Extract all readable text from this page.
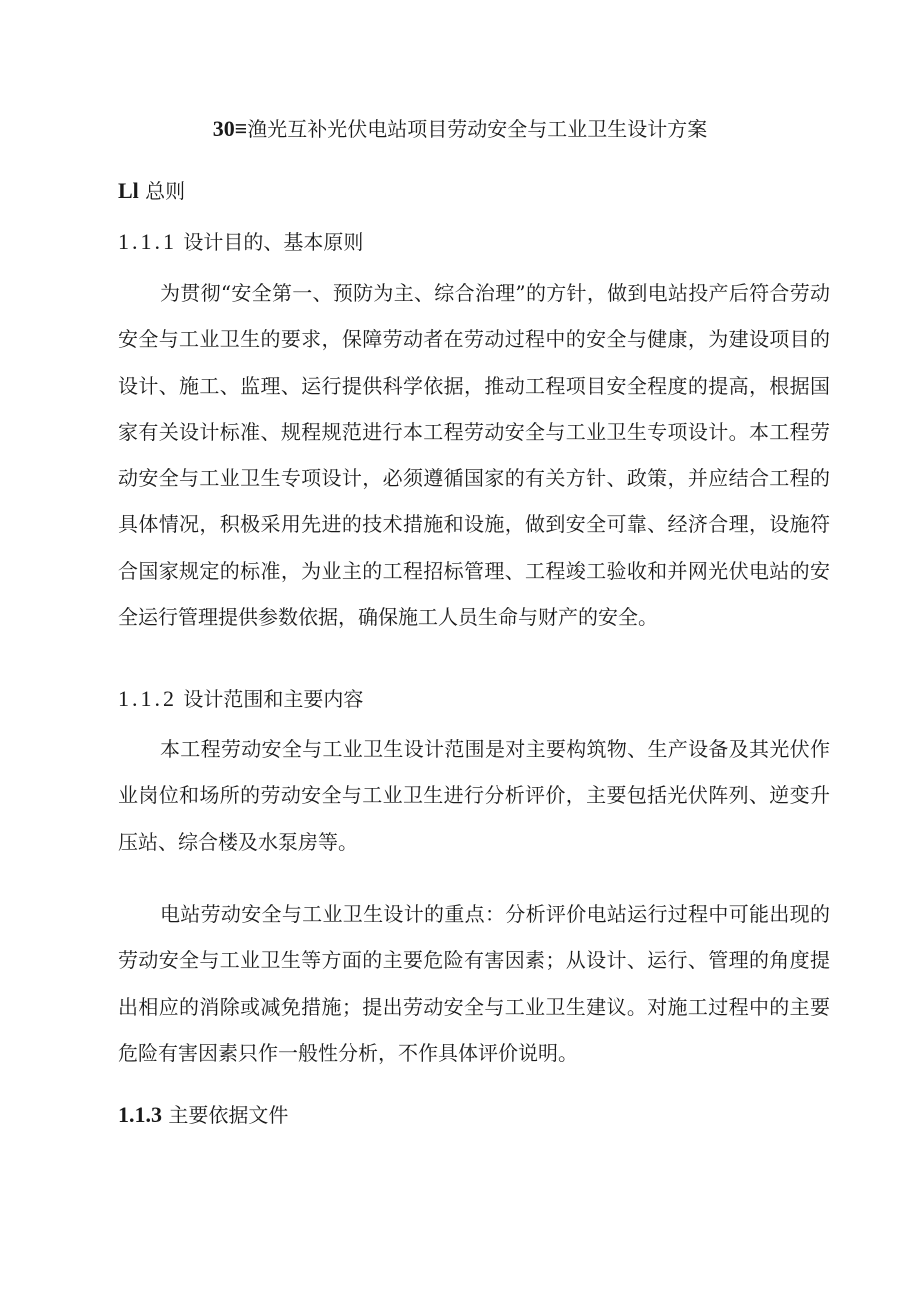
30≡渔光互补光伏电站项目劳动安全与工业卫生设计方案
Ll 总则
1.1.1 设计目的、基本原则

为贯彻“安全第一、预防为主、综合治理”的方针，做到电站投产后符合劳动安全与工业卫生的要求，保障劳动者在劳动过程中的安全与健康，为建设项目的设计、施工、监理、运行提供科学依据，推动工程项目安全程度的提高，根据国家有关设计标准、规程规范进行本工程劳动安全与工业卫生专项设计。本工程劳动安全与工业卫生专项设计，必须遵循国家的有关方针、政策，并应结合工程的具体情况，积极采用先进的技术措施和设施，做到安全可靠、经济合理，设施符合国家规定的标准，为业主的工程招标管理、工程竣工验收和并网光伏电站的安全运行管理提供参数依据，确保施工人员生命与财产的安全。

1.1.2 设计范围和主要内容

本工程劳动安全与工业卫生设计范围是对主要构筑物、生产设备及其光伏作业岗位和场所的劳动安全与工业卫生进行分析评价，主要包括光伏阵列、逆变升压站、综合楼及水泵房等。

电站劳动安全与工业卫生设计的重点：分析评价电站运行过程中可能出现的劳动安全与工业卫生等方面的主要危险有害因素；从设计、运行、管理的角度提出相应的消除或减免措施；提出劳动安全与工业卫生建议。对施工过程中的主要危险有害因素只作一般性分析，不作具体评价说明。

1.1.3 主要依据文件
